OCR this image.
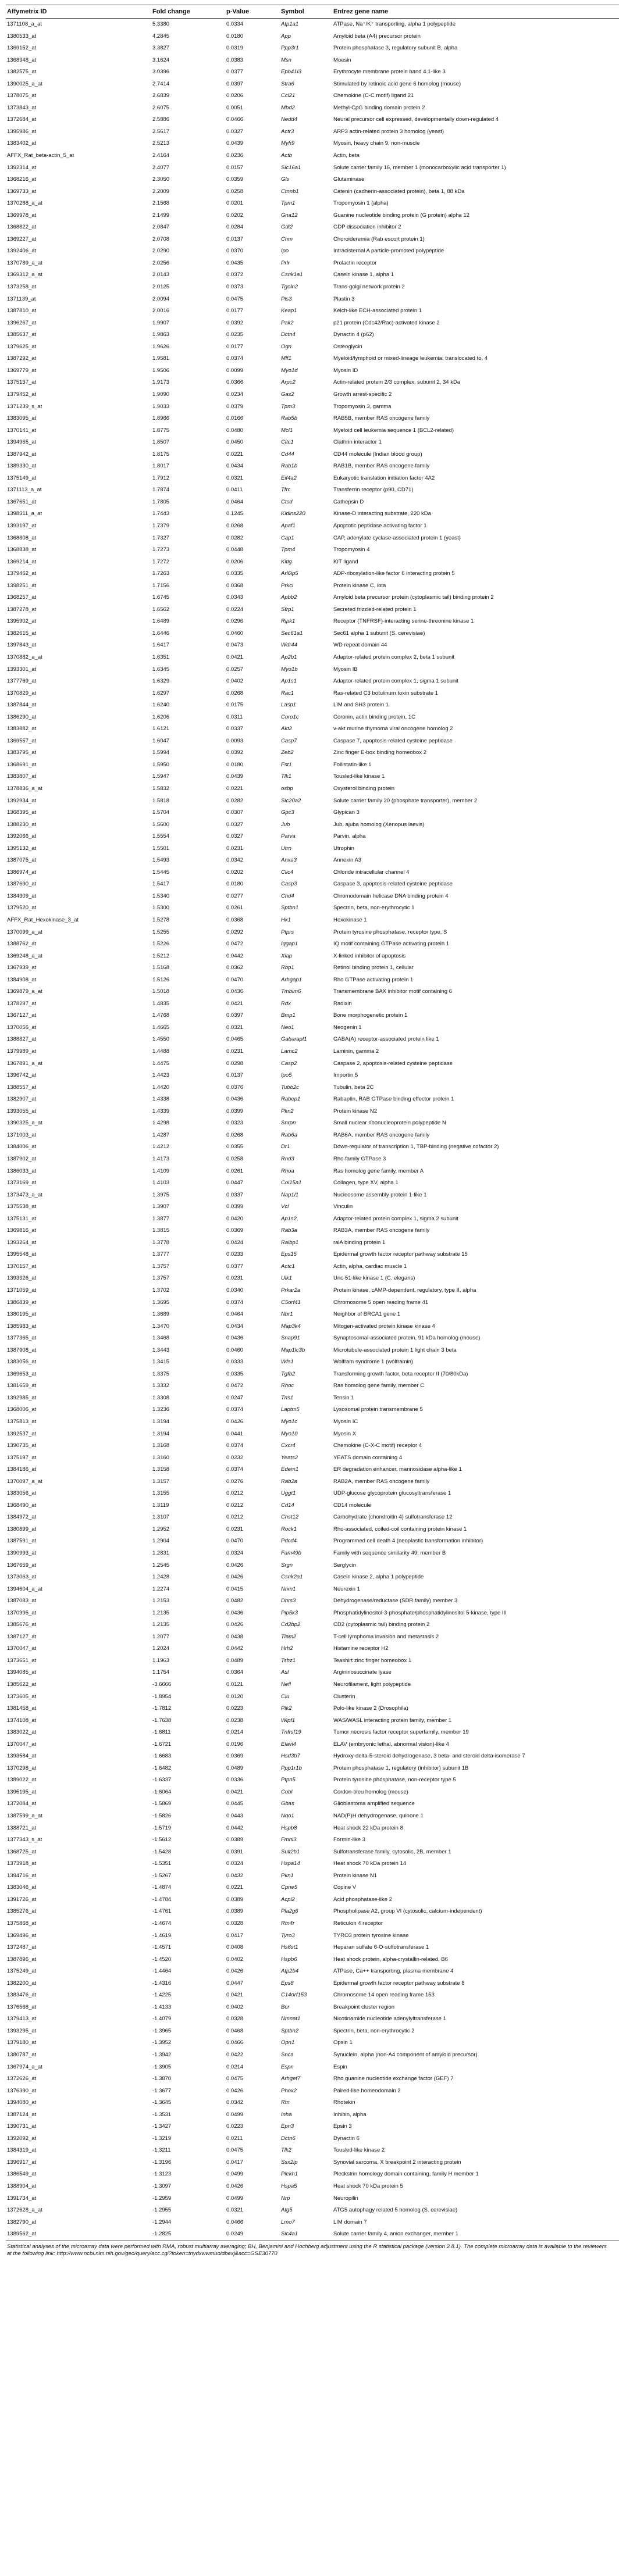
Affymetrix ID	Fold change	p-Value	Symbol	Entrez gene name
1371108_a_at	5.3380	0.0334	Atp1a1	ATPase, Na⁺/K⁺ transporting, alpha 1 polypeptide
1380533_at	4.2845	0.0180	App	Amyloid beta (A4) precursor protein
1369152_at	3.3827	0.0319	Ppp3r1	Protein phosphatase 3, regulatory subunit B, alpha
1368948_at	3.1624	0.0383	Msn	Moesin
1382575_at	3.0396	0.0377	Epb41l3	Erythrocyte membrane protein band 4.1-like 3
1390025_a_at	2.7414	0.0397	Stra6	Stimulated by retinoic acid gene 6 homolog (mouse)
1378075_at	2.6839	0.0206	Ccl21	Chemokine (C-C motif) ligand 21
1373843_at	2.6075	0.0051	Mbd2	Methyl-CpG binding domain protein 2
1372684_at	2.5886	0.0466	Nedd4	Neural precursor cell expressed, developmentally down-regulated 4
1395986_at	2.5617	0.0327	Actr3	ARP3 actin-related protein 3 homolog (yeast)
1383402_at	2.5213	0.0439	Myh9	Myosin, heavy chain 9, non-muscle
AFFX_Rat_beta-actin_5_at	2.4164	0.0236	Actb	Actin, beta
1392314_at	2.4077	0.0157	Slc16a1	Solute carrier family 16, member 1 (monocarboxylic acid transporter 1)
1368216_at	2.3050	0.0359	Gls	Glutaminase
1369733_at	2.2009	0.0258	Ctnnb1	Catenin (cadherin-associated protein), beta 1, 88 kDa
1370288_a_at	2.1568	0.0201	Tpm1	Tropomyosin 1 (alpha)
1369978_at	2.1499	0.0202	Gna12	Guanine nucleotide binding protein (G protein) alpha 12
1368822_at	2.0847	0.0284	Gdi2	GDP dissociation inhibitor 2
1369227_at	2.0708	0.0137	Chm	Choroideremia (Rab escort protein 1)
1392406_at	2.0290	0.0370	Ipo	Intracisternal A particle-promoted polypeptide
1370789_a_at	2.0256	0.0435	Prlr	Prolactin receptor
1369312_a_at	2.0143	0.0372	Csnk1a1	Casein kinase 1, alpha 1
1373258_at	2.0125	0.0373	Tgoln2	Trans-golgi network protein 2
1371139_at	2.0094	0.0475	Pls3	Plastin 3
1387810_at	2.0016	0.0177	Keap1	Kelch-like ECH-associated protein 1
1396267_at	1.9907	0.0392	Pak2	p21 protein (Cdc42/Rac)-activated kinase 2
1385637_at	1.9863	0.0235	Dctn4	Dynactin 4 (p62)
1379625_at	1.9626	0.0177	Ogn	Osteoglycin
1387292_at	1.9581	0.0374	Mlf1	Myeloid/lymphoid or mixed-lineage leukemia; translocated to, 4
1369779_at	1.9506	0.0099	Myo1d	Myosin ID
1375137_at	1.9173	0.0366	Arpc2	Actin-related protein 2/3 complex, subunit 2, 34 kDa
1379452_at	1.9090	0.0234	Gas2	Growth arrest-specific 2
1371239_s_at	1.9033	0.0379	Tpm3	Tropomyosin 3, gamma
1383095_at	1.8966	0.0166	Rab5b	RAB5B, member RAS oncogene family
1370141_at	1.8775	0.0480	Mcl1	Myeloid cell leukemia sequence 1 (BCL2-related)
1394965_at	1.8507	0.0450	Cltc1	Clathrin interactor 1
1387942_at	1.8175	0.0221	Cd44	CD44 molecule (Indian blood group)
1389330_at	1.8017	0.0434	Rab1b	RAB1B, member RAS oncogene family
1375149_at	1.7912	0.0321	Eif4a2	Eukaryotic translation initiation factor 4A2
1371113_a_at	1.7874	0.0411	Tfrc	Transferrin receptor (p90, CD71)
1367651_at	1.7805	0.0464	Ctsd	Cathepsin D
1398311_a_at	1.7443	0.1245	Kidins220	Kinase-D interacting substrate, 220 kDa
1393197_at	1.7379	0.0268	Apaf1	Apoptotic peptidase activating factor 1
1368808_at	1.7327	0.0282	Cap1	CAP, adenylate cyclase-associated protein 1 (yeast)
1368838_at	1.7273	0.0448	Tpm4	Tropomyosin 4
1369214_at	1.7272	0.0206	Kitlg	KIT ligand
1379462_at	1.7263	0.0335	Arl6ip5	ADP-ribosylation-like factor 6 interacting protein 5
1398251_at	1.7156	0.0368	Prkci	Protein kinase C, iota
1368257_at	1.6745	0.0343	Apbb2	Amyloid beta precursor protein (cytoplasmic tail) binding protein 2
1387278_at	1.6562	0.0224	Sfrp1	Secreted frizzled-related protein 1
1395902_at	1.6489	0.0296	Ripk1	Receptor (TNFRSF)-interacting serine-threonine kinase 1
1382615_at	1.6446	0.0460	Sec61a1	Sec61 alpha 1 subunit (S. cerevisiae)
1397843_at	1.6417	0.0473	Wdr44	WD repeat domain 44
1370882_a_at	1.6351	0.0421	Ap2b1	Adaptor-related protein complex 2, beta 1 subunit
1393301_at	1.6345	0.0257	Myo1b	Myosin IB
1377769_at	1.6329	0.0402	Ap1s1	Adaptor-related protein complex 1, sigma 1 subunit
1370829_at	1.6297	0.0268	Rac1	Ras-related C3 botulinum toxin substrate 1
1387844_at	1.6240	0.0175	Lasp1	LIM and SH3 protein 1
1386290_at	1.6206	0.0311	Coro1c	Coronin, actin binding protein, 1C
1383882_at	1.6121	0.0337	Akt2	v-akt murine thymoma viral oncogene homolog 2
1369557_at	1.6047	0.0093	Casp7	Caspase 7, apoptosis-related cysteine peptidase
1383795_at	1.5994	0.0392	Zeb2	Zinc finger E-box binding homeobox 2
1368691_at	1.5950	0.0180	Fst1	Follistatin-like 1
1383807_at	1.5947	0.0439	Tlk1	Tousled-like kinase 1
1378836_a_at	1.5832	0.0221	osbp	Oxysterol binding protein
1392934_at	1.5818	0.0282	Slc20a2	Solute carrier family 20 (phosphate transporter), member 2
1368395_at	1.5704	0.0307	Gpc3	Glypican 3
1388230_at	1.5600	0.0327	Jub	Jub, ajuba homolog (Xenopus laevis)
1392066_at	1.5554	0.0327	Parva	Parvin, alpha
1395132_at	1.5501	0.0231	Utrn	Utrophin
1387075_at	1.5493	0.0342	Anxa3	Annexin A3
1386974_at	1.5445	0.0202	Clic4	Chloride intracellular channel 4
1387690_at	1.5417	0.0180	Casp3	Caspase 3, apoptosis-related cysteine peptidase
1384309_at	1.5340	0.0277	Chd4	Chromodomain helicase DNA binding protein 4
1379520_at	1.5300	0.0261	Sptbn1	Spectrin, beta, non-erythrocytic 1
AFFX_Rat_Hexokinase_3_at	1.5278	0.0368	Hk1	Hexokinase 1
1370099_a_at	1.5255	0.0292	Ptprs	Protein tyrosine phosphatase, receptor type, S
1388762_at	1.5226	0.0472	Iqgap1	IQ motif containing GTPase activating protein 1
1369248_a_at	1.5212	0.0442	Xiap	X-linked inhibitor of apoptosis
1367939_at	1.5168	0.0362	Rbp1	Retinol binding protein 1, cellular
1384908_at	1.5126	0.0470	Arhgap1	Rho GTPase activating protein 1
1369879_a_at	1.5018	0.0436	Tmbim6	Transmembrane BAX inhibitor motif containing 6
1378297_at	1.4835	0.0421	Rdx	Radixin
1367127_at	1.4768	0.0397	Bmp1	Bone morphogenetic protein 1
1370056_at	1.4665	0.0321	Neo1	Neogenin 1
1388827_at	1.4550	0.0465	Gabarapl1	GABA(A) receptor-associated protein like 1
1379989_at	1.4488	0.0231	Lamc2	Laminin, gamma 2
1367891_a_at	1.4475	0.0298	Casp2	Caspase 2, apoptosis-related cysteine peptidase
1396742_at	1.4423	0.0137	Ipo5	Importin 5
1388557_at	1.4420	0.0376	Tubb2c	Tubulin, beta 2C
1382907_at	1.4338	0.0436	Rabep1	Rabaptin, RAB GTPase binding effector protein 1
1393055_at	1.4339	0.0399	Pkn2	Protein kinase N2
1390325_a_at	1.4298	0.0323	Snrpn	Small nuclear ribonucleoprotein polypeptide N
1371003_at	1.4287	0.0268	Rab6a	RAB6A, member RAS oncogene family
1384006_at	1.4212	0.0355	Dr1	Down-regulator of transcription 1, TBP-binding (negative cofactor 2)
1387902_at	1.4173	0.0258	Rnd3	Rho family GTPase 3
1386033_at	1.4109	0.0261	Rhoa	Ras homolog gene family, member A
1373169_at	1.4103	0.0447	Col15a1	Collagen, type XV, alpha 1
1373473_a_at	1.3975	0.0337	Nap1l1	Nucleosome assembly protein 1-like 1
1375538_at	1.3907	0.0399	Vcl	Vinculin
1375131_at	1.3877	0.0420	Ap1s2	Adaptor-related protein complex 1, sigma 2 subunit
1369816_at	1.3815	0.0369	Rab3a	RAB3A, member RAS oncogene family
1393264_at	1.3778	0.0424	Ralbp1	ralA binding protein 1
1395548_at	1.3777	0.0233	Eps15	Epidermal growth factor receptor pathway substrate 15
1370157_at	1.3757	0.0377	Actc1	Actin, alpha, cardiac muscle 1
1393326_at	1.3757	0.0231	Ulk1	Unc-51-like kinase 1 (C. elegans)
1371059_at	1.3702	0.0340	Prkar2a	Protein kinase, cAMP-dependent, regulatory, type II, alpha
1386839_at	1.3695	0.0374	C5orf41	Chromosome 5 open reading frame 41
1380195_at	1.3689	0.0464	Nbr1	Neighbor of BRCA1 gene 1
1385983_at	1.3470	0.0434	Map3k4	Mitogen-activated protein kinase kinase 4
1377365_at	1.3468	0.0436	Snap91	Synaptosomal-associated protein, 91 kDa homolog (mouse)
1387908_at	1.3443	0.0460	Map1lc3b	Microtubule-associated protein 1 light chain 3 beta
1383056_at	1.3415	0.0333	Wfs1	Wolfram syndrome 1 (wolframin)
1369653_at	1.3375	0.0335	Tgfb2	Transforming growth factor, beta receptor II (70/80kDa)
1381659_at	1.3332	0.0472	Rhoc	Ras homolog gene family, member C
1392985_at	1.3308	0.0247	Tns1	Tensin 1
1368006_at	1.3236	0.0374	Laptm5	Lysosomal protein transmembrane 5
1375813_at	1.3194	0.0426	Myo1c	Myosin IC
1392537_at	1.3194	0.0441	Myo10	Myosin X
1390735_at	1.3168	0.0374	Cxcr4	Chemokine (C-X-C motif) receptor 4
1375197_at	1.3160	0.0232	Yeats2	YEATS domain containing 4
1384186_at	1.3158	0.0374	Edem1	ER degradation enhancer, mannosidase alpha-like 1
1370097_a_at	1.3157	0.0276	Rab2a	RAB2A, member RAS oncogene family
1383056_at	1.3155	0.0212	Uggt1	UDP-glucose glycoprotein glucosyltransferase 1
1368490_at	1.3119	0.0212	Cd14	CD14 molecule
1384972_at	1.3107	0.0212	Chst12	Carbohydrate (chondroitin 4) sulfotransferase 12
1380899_at	1.2952	0.0231	Rock1	Rho-associated, coiled-coil containing protein kinase 1
1387591_at	1.2904	0.0470	Pdcd4	Programmed cell death 4 (neoplastic transformation inhibitor)
1390993_at	1.2831	0.0324	Fam49b	Family with sequence similarity 49, member B
1367659_at	1.2545	0.0426	Srgn	Serglycin
1373063_at	1.2428	0.0426	Csnk2a1	Casein kinase 2, alpha 1 polypeptide
1394604_a_at	1.2274	0.0415	Nrxn1	Neurexin 1
1387083_at	1.2153	0.0482	Dhrs3	Dehydrogenase/reductase (SDR family) member 3
1370995_at	1.2135	0.0436	Pip5k3	Phosphatidylinositol-3-phosphate/phosphatidylinositol 5-kinase, type III
1385676_at	1.2135	0.0426	Cd2bp2	CD2 (cytoplasmic tail) binding protein 2
1387127_at	1.2077	0.0438	Tiam2	T-cell lymphoma invasion and metastasis 2
1370047_at	1.2024	0.0442	Hrh2	Histamine receptor H2
1373651_at	1.1963	0.0489	Tshz1	Teashirt zinc finger homeobox 1
1394085_at	1.1754	0.0364	Asl	Argininosuccinate lyase
1385622_at	-3.6666	0.0121	Nefl	Neurofilament, light polypeptide
1373605_at	-1.8954	0.0120	Clu	Clusterin
1381458_at	-1.7812	0.0223	Plk2	Polo-like kinase 2 (Drosophila)
1374108_at	-1.7638	0.0238	Wipf1	WAS/WASL interacting protein family, member 1
1383022_at	-1.6811	0.0214	Tnfrsf19	Tumor necrosis factor receptor superfamily, member 19
1370047_at	-1.6721	0.0196	Elavl4	ELAV (embryonic lethal, abnormal vision)-like 4
1393584_at	-1.6683	0.0369	Hsd3b7	Hydroxy-delta-5-steroid dehydrogenase, 3 beta- and steroid delta-isomerase 7
1370298_at	-1.6482	0.0489	Ppp1r1b	Protein phosphatase 1, regulatory (inhibitor) subunit 1B
1389022_at	-1.6337	0.0336	Ptpn5	Protein tyrosine phosphatase, non-receptor type 5
1395195_at	-1.6064	0.0421	Cobl	Cordon-bleu homolog (mouse)
1372084_at	-1.5869	0.0445	Gbas	Glioblastoma amplified sequence
1387599_a_at	-1.5826	0.0443	Nqo1	NAD(P)H dehydrogenase, quinone 1
1388721_at	-1.5719	0.0442	Hspb8	Heat shock 22 kDa protein 8
1377343_s_at	-1.5612	0.0389	Fmnl3	Formin-like 3
1368725_at	-1.5428	0.0391	Sult2b1	Sulfotransferase family, cytosolic, 2B, member 1
1373918_at	-1.5351	0.0324	Hspa14	Heat shock 70 kDa protein 14
1394716_at	-1.5267	0.0432	Pkn1	Protein kinase N1
1383046_at	-1.4874	0.0221	Cpne5	Copine V
1391726_at	-1.4784	0.0389	Acpl2	Acid phosphatase-like 2
1385276_at	-1.4761	0.0389	Pla2g6	Phospholipase A2, group VI (cytosolic, calcium-independent)
1375868_at	-1.4674	0.0328	Rtn4r	Reticulon 4 receptor
1369496_at	-1.4619	0.0417	Tyro3	TYRO3 protein tyrosine kinase
1372487_at	-1.4571	0.0408	Hs6st1	Heparan sulfate 6-O-sulfotransferase 1
1387896_at	-1.4520	0.0402	Hspb6	Heat shock protein, alpha-crystallin-related, B6
1375249_at	-1.4464	0.0426	Atp2b4	ATPase, Ca++ transporting, plasma membrane 4
1382200_at	-1.4316	0.0447	Eps8	Epidermal growth factor receptor pathway substrate 8
1383476_at	-1.4225	0.0421	C14orf153	Chromosome 14 open reading frame 153
1376568_at	-1.4133	0.0402	Bcr	Breakpoint cluster region
1379413_at	-1.4079	0.0328	Nmnat1	Nicotinamide nucleotide adenylyltransferase 1
1393295_at	-1.3965	0.0468	Sptbn2	Spectrin, beta, non-erythrocytic 2
1379180_at	-1.3952	0.0466	Opn1	Opsin 1
1380787_at	-1.3942	0.0422	Snca	Synuclein, alpha (non-A4 component of amyloid precursor)
1367974_a_at	-1.3905	0.0214	Espn	Espin
1372626_at	-1.3870	0.0475	Arhgef7	Rho guanine nucleotide exchange factor (GEF) 7
1376390_at	-1.3677	0.0426	Phox2	Paired-like homeodomain 2
1394080_at	-1.3645	0.0342	Rtn	Rhotekin
1387124_at	-1.3531	0.0499	Inha	Inhibin, alpha
1390731_at	-1.3427	0.0223	Epn3	Epsin 3
1392092_at	-1.3219	0.0211	Dctn6	Dynactin 6
1384319_at	-1.3211	0.0475	Tlk2	Tousled-like kinase 2
1396917_at	-1.3196	0.0417	Ssx2ip	Synovial sarcoma, X breakpoint 2 interacting protein
1386549_at	-1.3123	0.0499	Plekh1	Pleckstrin homology domain containing, family H member 1
1388904_at	-1.3097	0.0426	Hspa5	Heat shock 70 kDa protein 5
1391734_at	-1.2959	0.0499	Nrp	Neuropilin
1372628_a_at	-1.2955	0.0321	Atg5	ATG5 autophagy related 5 homolog (S. cerevisiae)
1382790_at	-1.2944	0.0466	Lmo7	LIM domain 7
1389562_at	-1.2825	0.0249	Slc4a1	Solute carrier family 4, anion exchanger, member 1
Statistical analyses of the microarray data were performed with RMA, robust multiarray averaging; BH, Benjamini and Hochberg adjustment using the R statistical package (version 2.8.1). The complete microarray data is available to the reviewers at the following link: http://www.ncbi.nlm.nih.gov/geo/query/acc.cgi?token=tnydxwwmuoidbexj&acc=GSE30770
